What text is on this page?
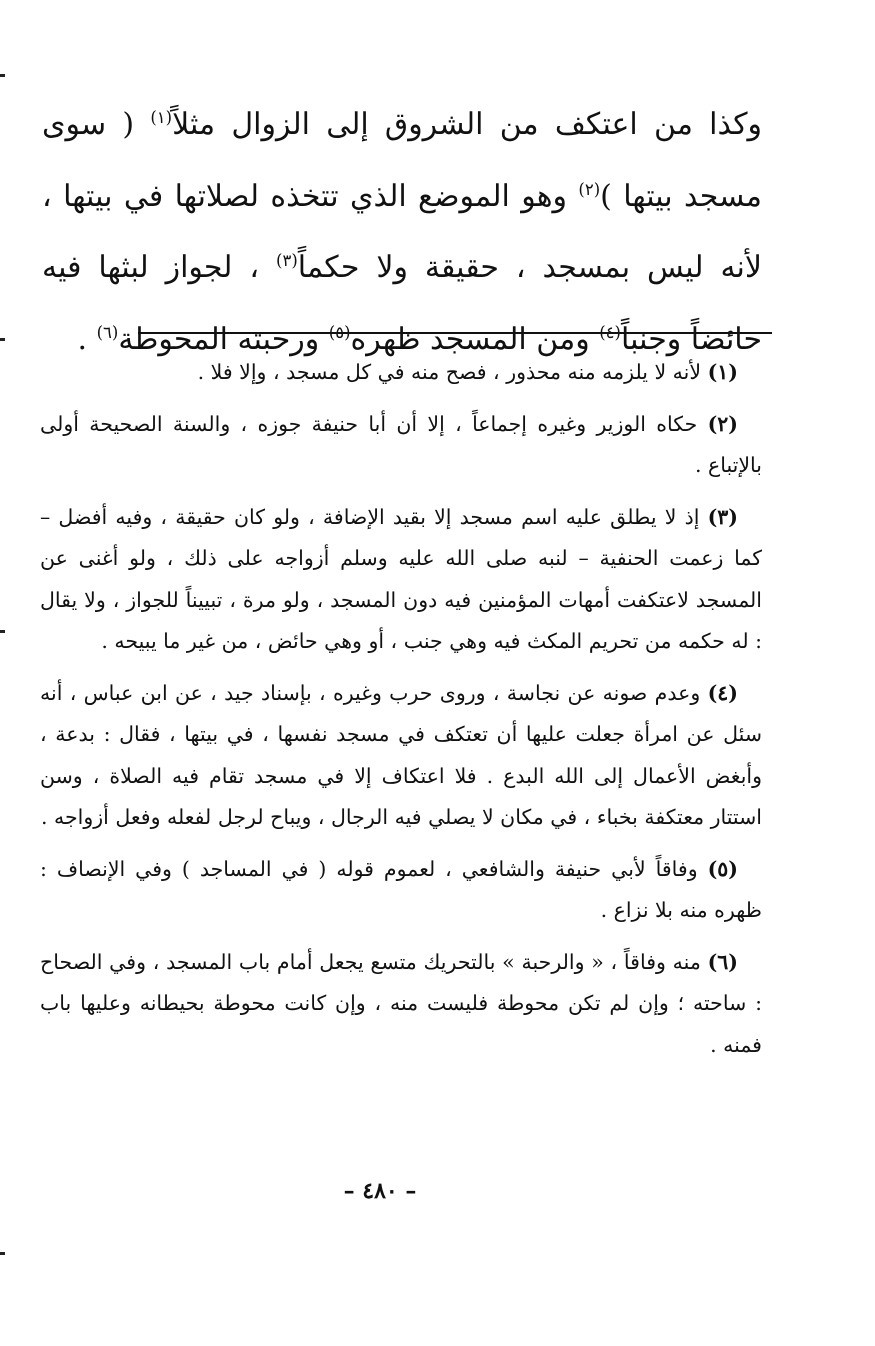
وكذا من اعتكف من الشروق إلى الزوال مثلاً$^{(١)}$ ( سوى مسجد بيتها )$^{(٢)}$ وهو الموضع الذي تتخذه لصلاتها في بيتها ، لأنه ليس بمسجد ، حقيقة ولا حكماً$^{(٣)}$ ، لجواز لبثها فيه حائضاً وجنباً$^{(٤)}$ ومن المسجد ظهره$^{(٥)}$ ورحبته المحوطة$^{(٦)}$ .

(١) لأنه لا يلزمه منه محذور ، فصح منه في كل مسجد ، وإلا فلا .

(٢) حكاه الوزير وغيره إجماعاً ، إلا أن أبا حنيفة جوزه ، والسنة الصحيحة أولى بالإتباع .

(٣) إذ لا يطلق عليه اسم مسجد إلا بقيد الإضافة ، ولو كان حقيقة ، وفيه أفضل – كما زعمت الحنفية – لنبه صلى الله عليه وسلم أزواجه على ذلك ، ولو أغنى عن المسجد لاعتكفت أمهات المؤمنين فيه دون المسجد ، ولو مرة ، تبييناً للجواز ، ولا يقال : له حكمه من تحريم المكث فيه وهي جنب ، أو وهي حائض ، من غير ما يبيحه .

(٤) وعدم صونه عن نجاسة ، وروى حرب وغيره ، بإسناد جيد ، عن ابن عباس ، أنه سئل عن امرأة جعلت عليها أن تعتكف في مسجد نفسها ، في بيتها ، فقال : بدعة ، وأبغض الأعمال إلى الله البدع . فلا اعتكاف إلا في مسجد تقام فيه الصلاة ، وسن استتار معتكفة بخباء ، في مكان لا يصلي فيه الرجال ، ويباح لرجل لفعله وفعل أزواجه .

(٥) وفاقاً لأبي حنيفة والشافعي ، لعموم قوله ( في المساجد ) وفي الإنصاف : ظهره منه بلا نزاع .

(٦) منه وفاقاً ، « والرحبة » بالتحريك متسع يجعل أمام باب المسجد ، وفي الصحاح : ساحته ؛ وإن لم تكن محوطة فليست منه ، وإن كانت محوطة بحيطانه وعليها باب فمنه .

– ٤٨٠ –
